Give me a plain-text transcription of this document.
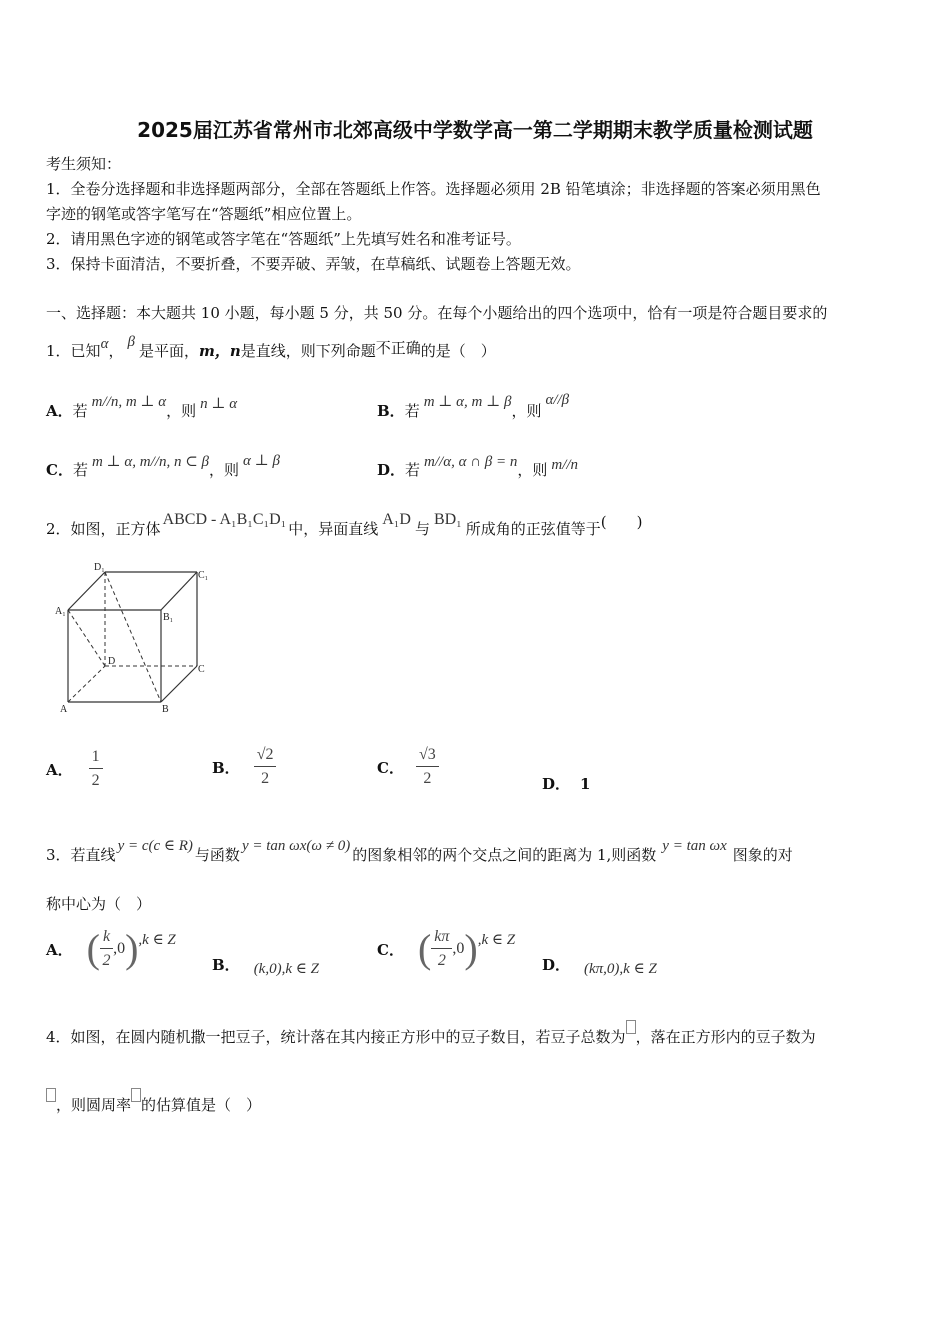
2025届江苏省常州市北郊高级中学数学高一第二学期期末教学质量检测试题
考生须知：
1．全卷分选择题和非选择题两部分，全部在答题纸上作答。选择题必须用 2B 铅笔填涂；非选择题的答案必须用黑色
字迹的钢笔或答字笔写在“答题纸”相应位置上。
2．请用黑色字迹的钢笔或答字笔在“答题纸”上先填写姓名和准考证号。
3．保持卡面清洁，不要折叠，不要弄破、弄皱，在草稿纸、试题卷上答题无效。
一、选择题：本大题共 10 小题，每小题 5 分，共 50 分。在每个小题给出的四个选项中，恰有一项是符合题目要求的
1．已知α， β 是平面，m，n是直线，则下列命题不正确的是（　）
A．若 m//n, m ⊥ α，则 n ⊥ α	B．若 m ⊥ α, m ⊥ β，则α//β
C．若 m ⊥ α, m//n, n ⊂ β，则 α ⊥ β	D．若 m//α, α ∩ β = n，则 m//n
2．如图，正方体ABCD - A₁B₁C₁D₁中，异面直线A₁D与BD₁所成角的正弦值等于(　　)
D₁
C₁
A₁
B₁
D
C
A	B
A． $\frac{1}{2}$	B． $\frac{√2}{2}$	C． $\frac{√3}{2}$	D． 1
3．若直线 y = c(c ∈ R) 与函数 y = tan ωx(ω ≠ 0) 的图象相邻的两个交点之间的距离为 1,则函数 y = tan ωx 图象的对
称中心为（　）
A． ( $\frac{k}{2} ,0$ ) ,k ∈ Z
B． (k,0),k ∈ Z
C． ( $\frac{k\pi}{2} ,0$ ) ,k ∈ Z
D． (kπ,0),k ∈ Z
4．如图，在圆内随机撒一把豆子，统计落在其内接正方形中的豆子数目，若豆子总数为 ，落在正方形内的豆子数为
，则圆周率 的估算值是（　）
